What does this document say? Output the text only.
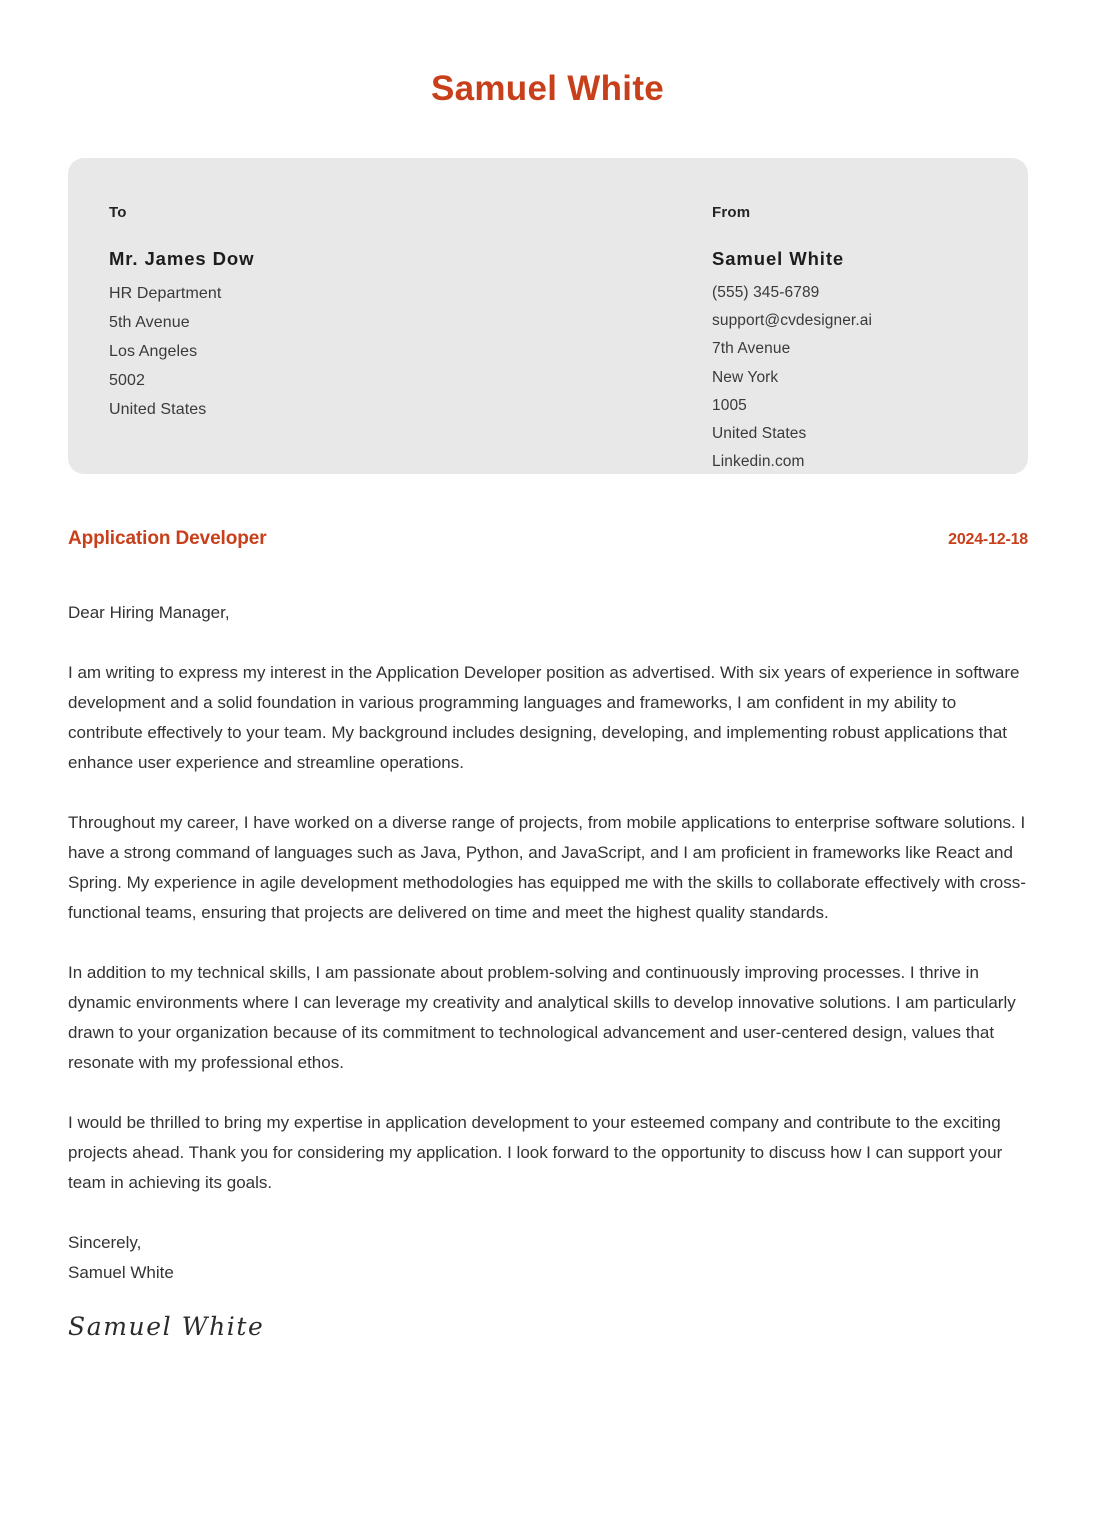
Samuel White
To
Mr. James Dow
HR Department
5th Avenue
Los Angeles
5002
United States
From
Samuel White
(555) 345-6789
support@cvdesigner.ai
7th Avenue
New York
1005
United States
Linkedin.com
Application Developer	2024-12-18

Dear Hiring Manager,

I am writing to express my interest in the Application Developer position as advertised. With six years of experience in software development and a solid foundation in various programming languages and frameworks, I am confident in my ability to contribute effectively to your team. My background includes designing, developing, and implementing robust applications that enhance user experience and streamline operations.

Throughout my career, I have worked on a diverse range of projects, from mobile applications to enterprise software solutions. I have a strong command of languages such as Java, Python, and JavaScript, and I am proficient in frameworks like React and Spring. My experience in agile development methodologies has equipped me with the skills to collaborate effectively with cross-functional teams, ensuring that projects are delivered on time and meet the highest quality standards.

In addition to my technical skills, I am passionate about problem-solving and continuously improving processes. I thrive in dynamic environments where I can leverage my creativity and analytical skills to develop innovative solutions. I am particularly drawn to your organization because of its commitment to technological advancement and user-centered design, values that resonate with my professional ethos.

I would be thrilled to bring my expertise in application development to your esteemed company and contribute to the exciting projects ahead. Thank you for considering my application. I look forward to the opportunity to discuss how I can support your team in achieving its goals.

Sincerely,
Samuel White
Samuel White
